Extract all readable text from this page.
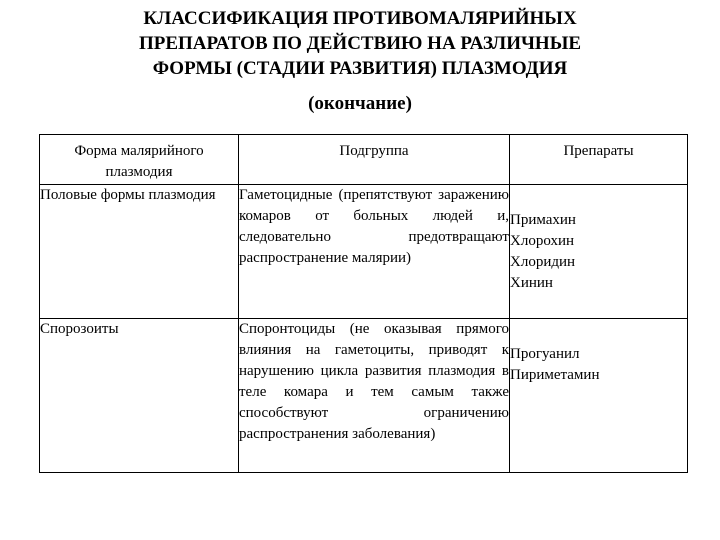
КЛАССИФИКАЦИЯ ПРОТИВОМАЛЯРИЙНЫХ
ПРЕПАРАТОВ ПО ДЕЙСТВИЮ НА РАЗЛИЧНЫЕ
ФОРМЫ (СТАДИИ РАЗВИТИЯ) ПЛАЗМОДИЯ
(окончание)
Форма малярийного плазмодия	Подгруппа	Препараты
Половые формы плазмодия	Гаметоцидные (препятствуют заражению комаров от больных людей и, следовательно предотвращают распространение малярии)	Примахин
Хлорохин
Хлоридин
Хинин

Спорозоиты	Споронтоциды (не оказывая прямого влияния на гаметоциты, приводят к нарушению цикла развития плазмодия в теле комара и тем самым также способствуют ограничению распространения заболевания)	Прогуанил
Пириметамин
